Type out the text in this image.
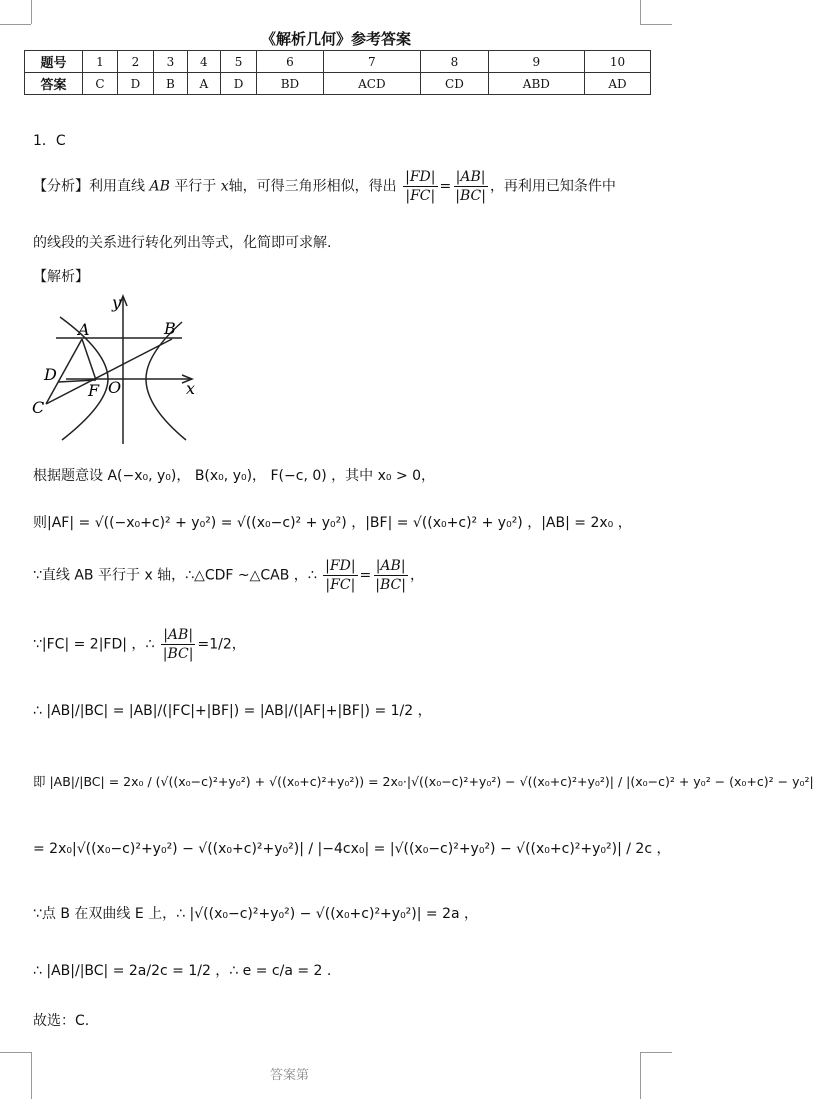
《解析几何》参考答案
题号	1	2	3	4	5	6	7	8	9	10
答案	C	D	B	A	D	BD	ACD	CD	ABD	AD
1．C
【分析】利用直线 AB 平行于 x轴，可得三角形相似，得出 $\frac{|FD|}{|FC|} = \frac{|AB|}{|BC|}$ ，再利用已知条件中
的线段的关系进行转化列出等式，化简即可求解.
【解析】
y
x
A	B
C
D
F O
根据题意设 A(−x₀, y₀)， B(x₀, y₀)， F(−c, 0) ，其中 x₀ > 0，
则|AF| = √((−x₀+c)² + y₀²) = √((x₀−c)² + y₀²) ，|BF| = √((x₀+c)² + y₀²) ，|AB| = 2x₀ ，
∵直线 AB 平行于 x 轴，∴△CDF ~△CAB ，∴ $\frac{|FD|}{|FC|} = \frac{|AB|}{|BC|}$ ，
∵|FC| = 2|FD| ，∴ $\frac{|AB|}{|BC|} =1/2$，
∴ |AB|/|BC| = |AB|/(|FC|+|BF|) = |AB|/(|AF|+|BF|) = 1/2 ，
即 |AB|/|BC| = 2x₀ / (√((x₀−c)²+y₀²) + √((x₀+c)²+y₀²)) = 2x₀·|√((x₀−c)²+y₀²) − √((x₀+c)²+y₀²)| / |(x₀−c)² + y₀² − (x₀+c)² − y₀²|
= 2x₀|√((x₀−c)²+y₀²) − √((x₀+c)²+y₀²)| / |−4cx₀| = |√((x₀−c)²+y₀²) − √((x₀+c)²+y₀²)| / 2c ，
∵点 B 在双曲线 E 上，∴ |√((x₀−c)²+y₀²) − √((x₀+c)²+y₀²)| = 2a ，
∴ |AB|/|BC| = 2a/2c = 1/2 ，∴ e = c/a = 2 .
故选：C.
答案第
